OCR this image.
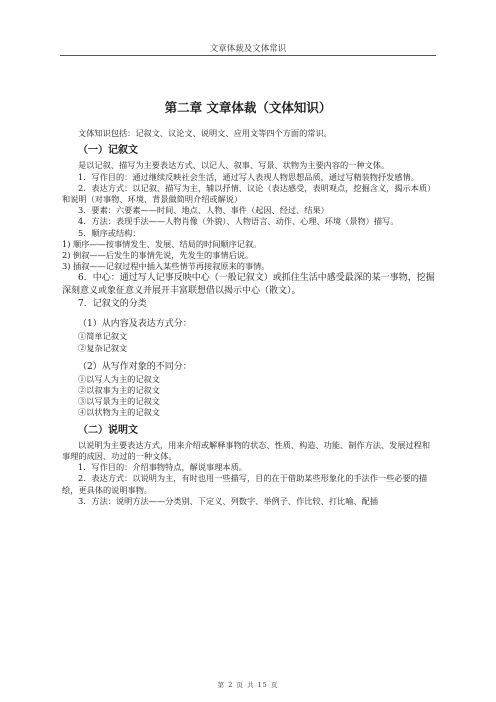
文章体裁及文体常识
第二章 文章体裁（文体知识）

文体知识包括：记叙文、议论文、说明文、应用文等四个方面的常识。

（一）记叙文

是以记叙、描写为主要表达方式、以记人、叙事、写景、状物为主要内容的一种文体。

1．写作目的：通过继续反映社会生活，通过写人表现人物思想品质，通过写精装物抒发感情。

2．表达方式：以记叙、描写为主，辅以抒情、议论（表达感受，表明观点，挖掘含义，揭示本质）和说明（对事物、环境、背景做简明介绍或解说）

3．要素：六要素——时间、地点、人物、事件（起因、经过、结果）

4．方法：表现手法——人物肖像（外貌）、人物语言、动作、心理、环境（景物）描写。

5．顺序或结构：

1) 顺序——按事情发生、发展、结局的时间顺序记叙。

2) 倒叙——后发生的事情先说，先发生的事情后说。

3) 插叙——记叙过程中插入某些情节再接叙原来的事情。

6．中心：通过写人记事反映中心（一般记叙文）或抓住生活中感受最深的某一事物，挖掘深刻意义或象征意义并展开丰富联想借以揭示中心（散文）。

7．记叙文的分类

（1）从内容及表达方式分：

①简单记叙文

②复杂记叙文

（2）从写作对象的不同分：

①以写人为主的记叙文

②以叙事为主的记叙文

③以写景为主的记叙文

④以状物为主的记叙文

（二）说明文

以说明为主要表达方式，用来介绍或解释事物的状态、性质、构造、功能、制作方法、发展过程和事理的成因、功过的一种文体。

1．写作目的：介绍事物特点，解说事理本质。

2．表达方式：以说明为主，有时也用一些描写，目的在于借助某些形象化的手法作一些必要的描绘，更具体的说明事物。

3．方法：说明方法——分类别、下定义、列数字、举例子、作比较、打比喻、配插

第 2 页 共 15 页
